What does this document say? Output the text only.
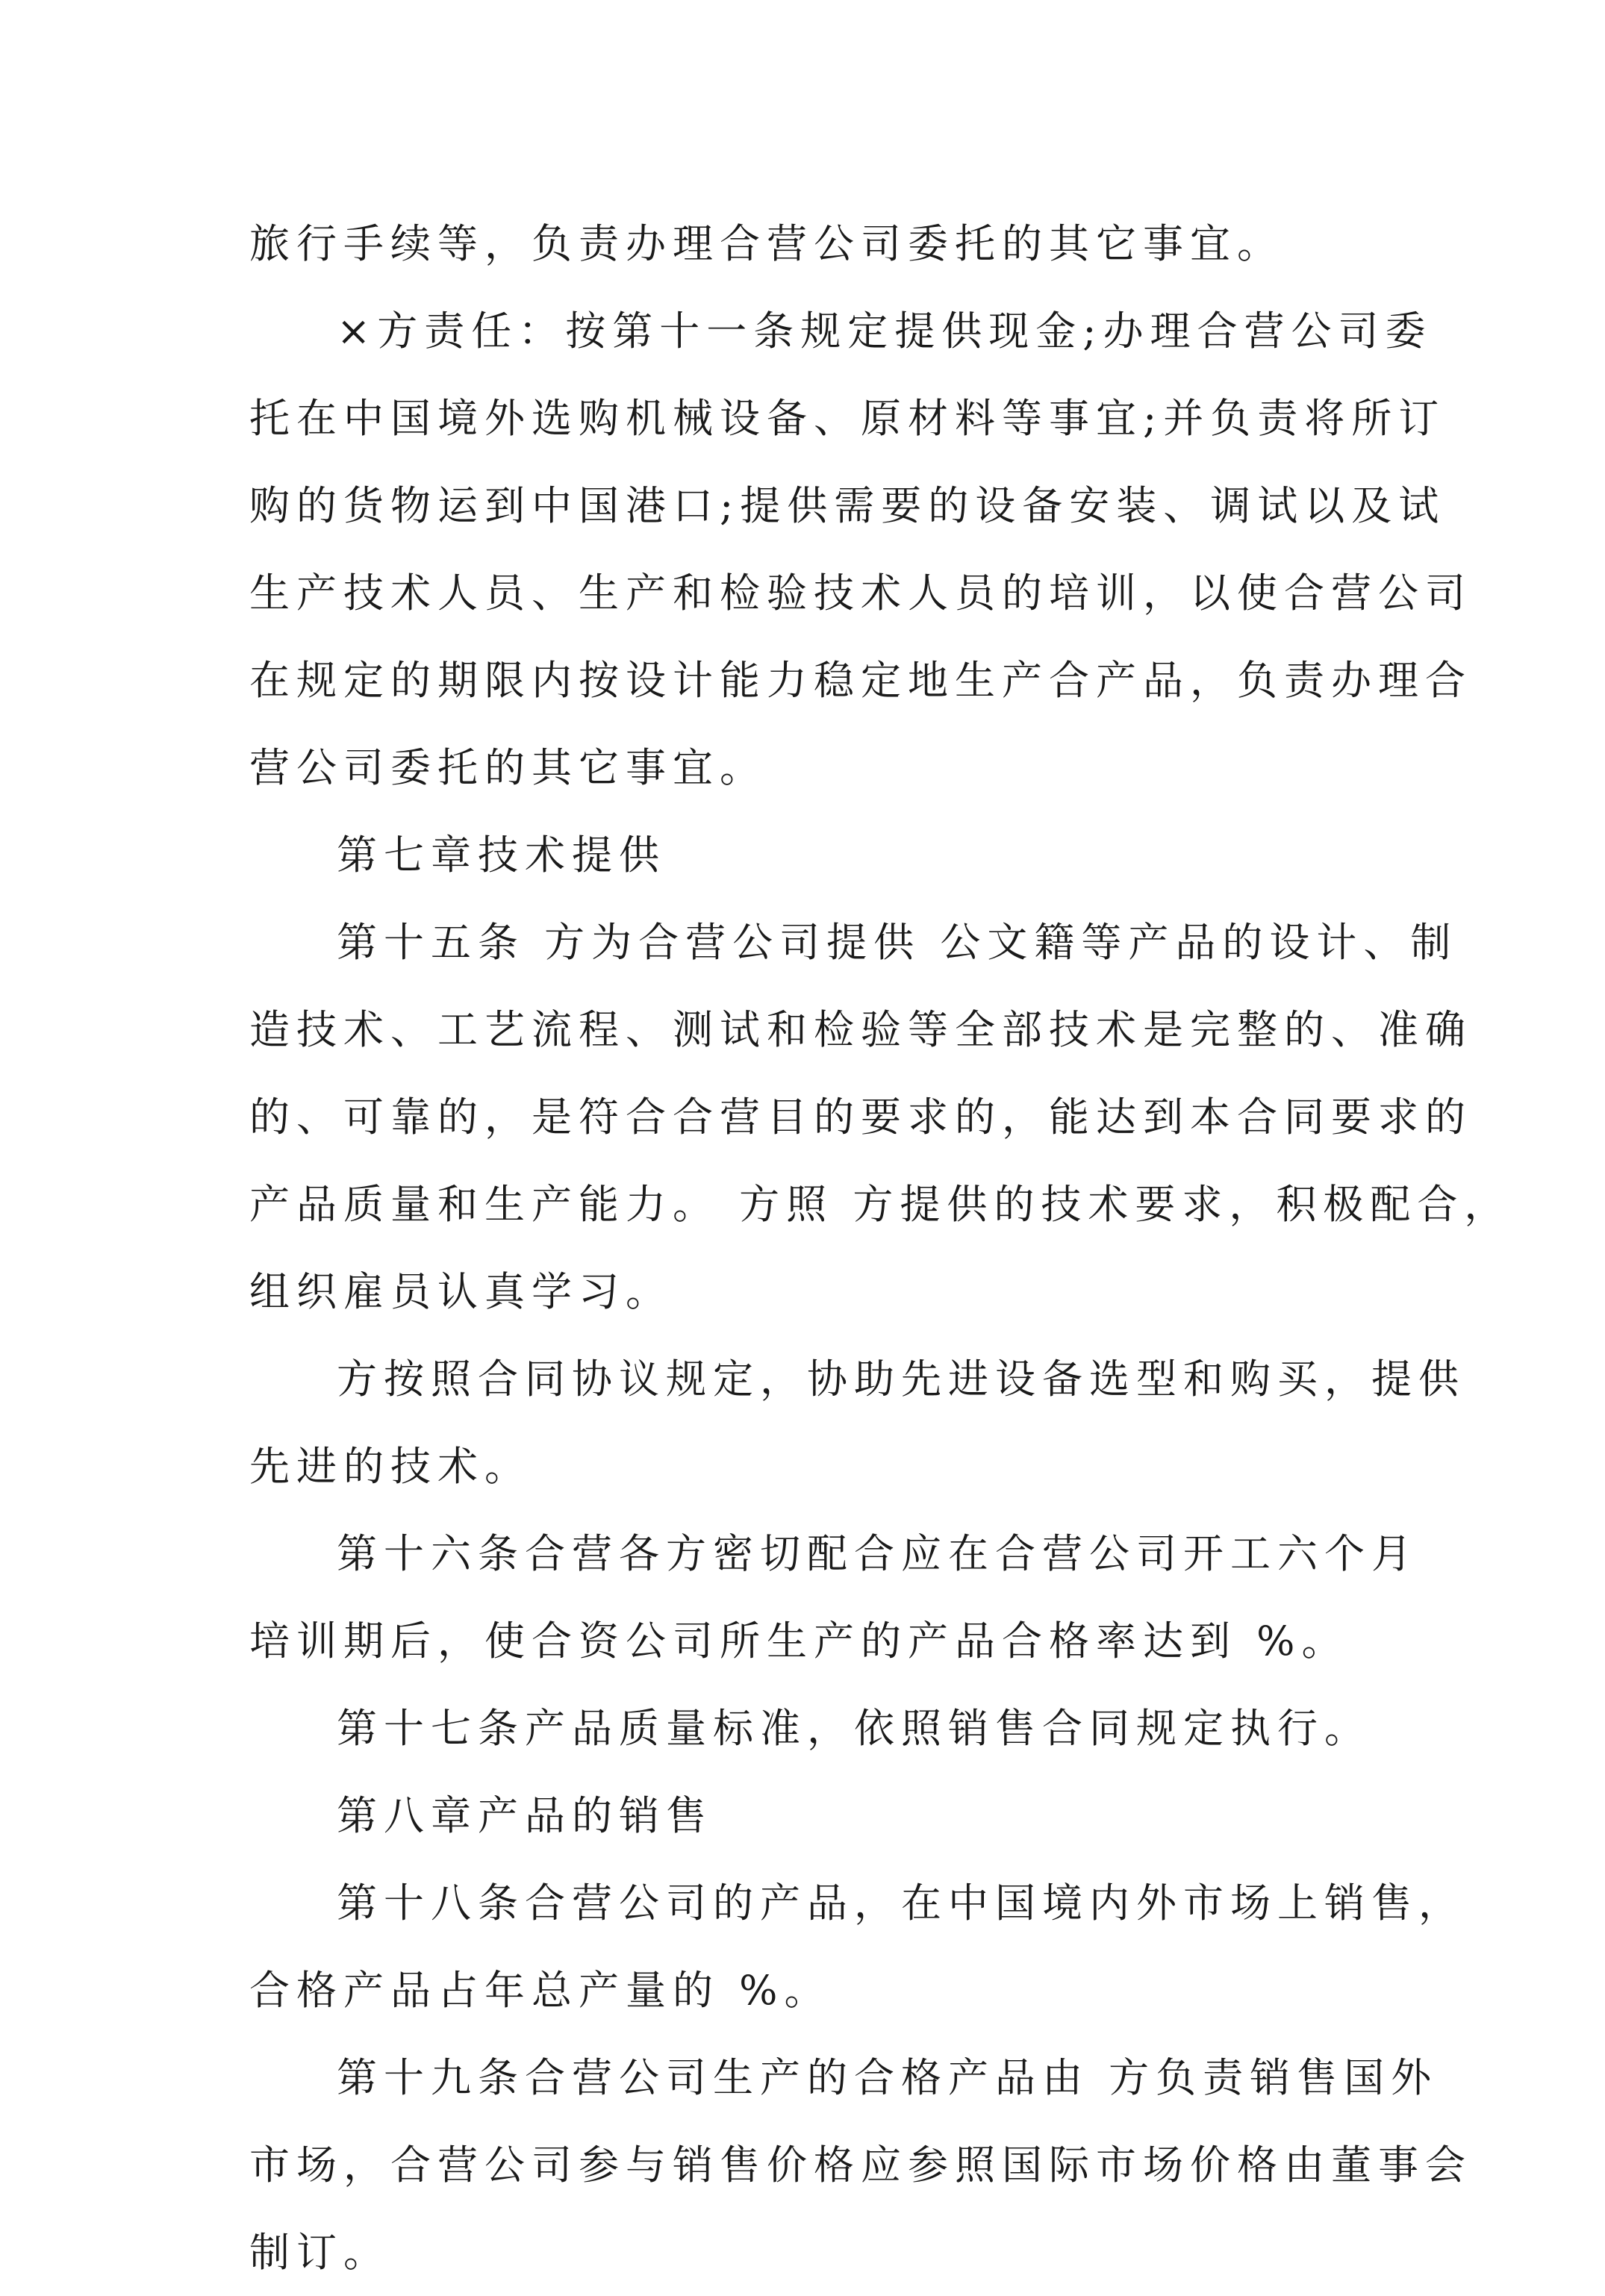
旅行手续等，负责办理合营公司委托的其它事宜。
×方责任：按第十一条规定提供现金;办理合营公司委
托在中国境外选购机械设备、原材料等事宜;并负责将所订
购的货物运到中国港口;提供需要的设备安装、调试以及试
生产技术人员、生产和检验技术人员的培训，以使合营公司
在规定的期限内按设计能力稳定地生产合产品，负责办理合
营公司委托的其它事宜。
第七章技术提供
第十五条 方为合营公司提供 公文籍等产品的设计、制
造技术、工艺流程、测试和检验等全部技术是完整的、准确
的、可靠的，是符合合营目的要求的，能达到本合同要求的
产品质量和生产能力。 方照 方提供的技术要求，积极配合，
组织雇员认真学习。
方按照合同协议规定，协助先进设备选型和购买，提供
先进的技术。
第十六条合营各方密切配合应在合营公司开工六个月
培训期后，使合资公司所生产的产品合格率达到 %。
第十七条产品质量标准，依照销售合同规定执行。
第八章产品的销售
第十八条合营公司的产品，在中国境内外市场上销售，
合格产品占年总产量的 %。
第十九条合营公司生产的合格产品由 方负责销售国外
市场，合营公司参与销售价格应参照国际市场价格由董事会
制订。
